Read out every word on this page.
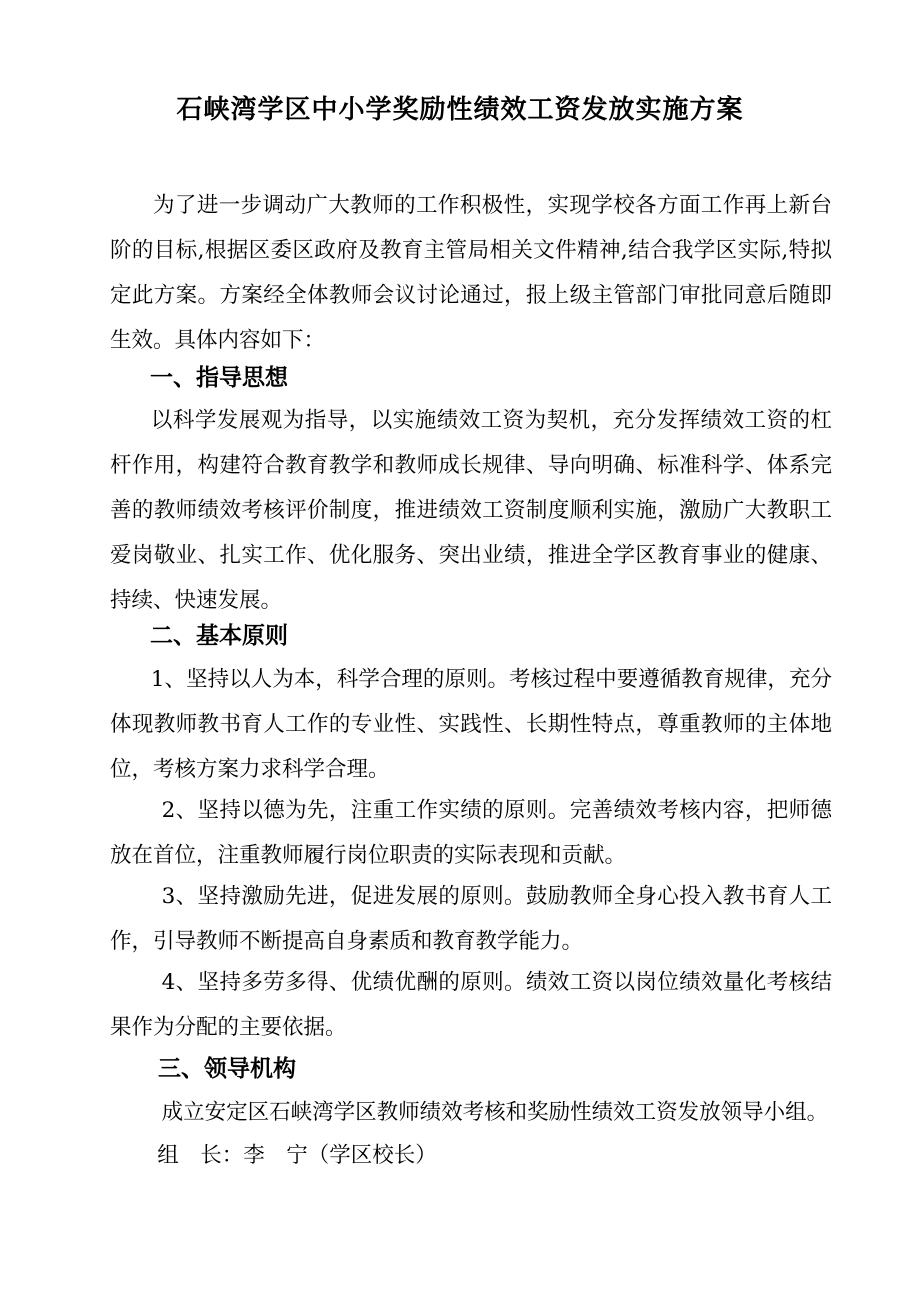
石峡湾学区中小学奖励性绩效工资发放实施方案

为了进一步调动广大教师的工作积极性，实现学校各方面工作再上新台阶的目标,根据区委区政府及教育主管局相关文件精神,结合我学区实际,特拟定此方案。方案经全体教师会议讨论通过，报上级主管部门审批同意后随即生效。具体内容如下：

一、指导思想

以科学发展观为指导，以实施绩效工资为契机，充分发挥绩效工资的杠杆作用，构建符合教育教学和教师成长规律、导向明确、标准科学、体系完善的教师绩效考核评价制度，推进绩效工资制度顺利实施，激励广大教职工爱岗敬业、扎实工作、优化服务、突出业绩，推进全学区教育事业的健康、持续、快速发展。

二、基本原则

1、坚持以人为本，科学合理的原则。考核过程中要遵循教育规律，充分体现教师教书育人工作的专业性、实践性、长期性特点，尊重教师的主体地位，考核方案力求科学合理。

2、坚持以德为先，注重工作实绩的原则。完善绩效考核内容，把师德放在首位，注重教师履行岗位职责的实际表现和贡献。

3、坚持激励先进，促进发展的原则。鼓励教师全身心投入教书育人工作，引导教师不断提高自身素质和教育教学能力。

4、坚持多劳多得、优绩优酬的原则。绩效工资以岗位绩效量化考核结果作为分配的主要依据。

三、领导机构

成立安定区石峡湾学区教师绩效考核和奖励性绩效工资发放领导小组。

组　长：李　宁（学区校长）
